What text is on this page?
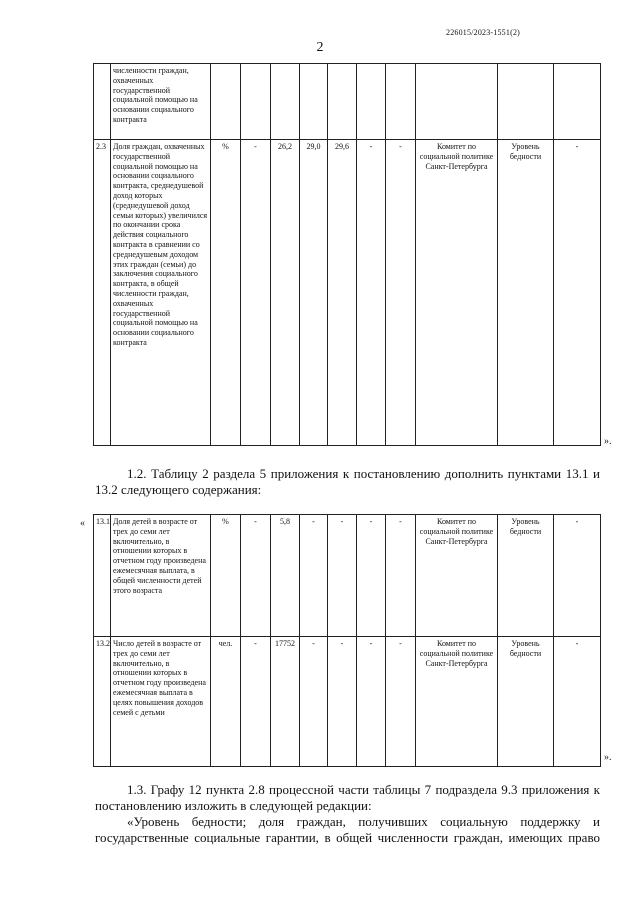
226015/2023-1551(2)
2
	численности граждан, охваченных государственной социальной помощью на основании социального контракта										
2.3	Доля граждан, охваченных государственной социальной помощью на основании социального контракта, среднедушевой доход которых (среднедушевой доход семьи которых) увеличился по окончании срока действия социального контракта в сравнении со среднедушевым доходом этих граждан (семьи) до заключения социального контракта, в общей численности граждан, охваченных государственной социальной помощью на основании социального контракта	%	-	26,2	29,0	29,6	-	-	Комитет по социальной политике Санкт-Петербурга	Уровень бедности	-
».
1.2. Таблицу 2 раздела 5 приложения к постановлению дополнить пунктами 13.1 и 13.2 следующего содержания:
« 13.1	Доля детей в возрасте от трех до семи лет включительно, в отношении которых в отчетном году произведена ежемесячная выплата, в общей численности детей этого возраста	%	-	5,8	-	-	-	-	Комитет по социальной политике Санкт-Петербурга	Уровень бедности	-
13.2	Число детей в возрасте от трех до семи лет включительно, в отношении которых в отчетном году произведена ежемесячная выплата в целях повышения доходов семей с детьми	чел.	-	17752	-	-	-	-	Комитет по социальной политике Санкт-Петербурга	Уровень бедности	-
».
1.3. Графу 12 пункта 2.8 процессной части таблицы 7 подраздела 9.3 приложения к постановлению изложить в следующей редакции:
«Уровень бедности; доля граждан, получивших социальную поддержку и государственные социальные гарантии, в общей численности граждан, имеющих право
